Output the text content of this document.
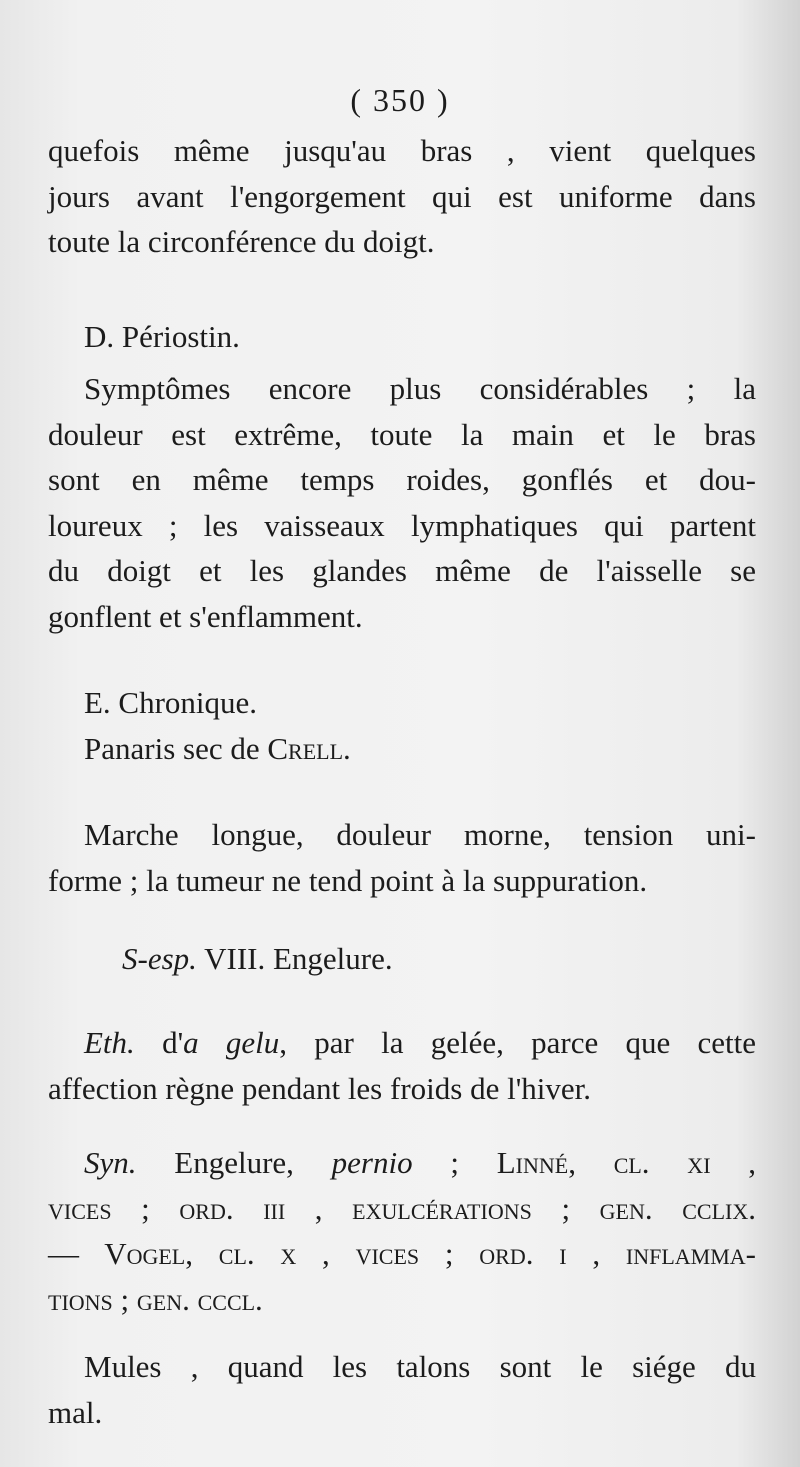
( 350 )
quefois même jusqu'au bras , vient quelques
jours avant l'engorgement qui est uniforme dans
toute la circonférence du doigt.
D. Périostin.
Symptômes encore plus considérables ; la
douleur est extrême, toute la main et le bras
sont en même temps roides, gonflés et dou-
loureux ; les vaisseaux lymphatiques qui partent
du doigt et les glandes même de l'aisselle se
gonflent et s'enflamment.
E. Chronique.
Panaris sec de Crell.
Marche longue, douleur morne, tension uni-
forme ; la tumeur ne tend point à la suppuration.
S-esp. VIII. Engelure.
Eth. d'a gelu, par la gelée, parce que cette
affection règne pendant les froids de l'hiver.
Syn. Engelure, pernio ; Linné, cl. xi ,
vices ; ord. iii , exulcérations ; gen. cclix.
— Vogel, cl. x , vices ; ord. i , inflamma-
tions ; gen. cccl.
Mules , quand les talons sont le siége du
mal.
